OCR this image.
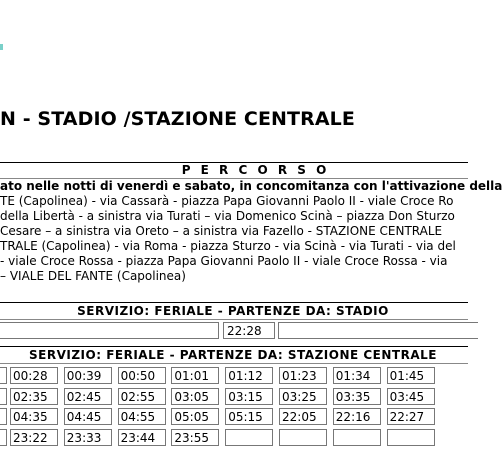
N - STADIO /STAZIONE CENTRALE
P E R C O R S O
ato nelle notti di venerdì e sabato, in concomitanza con l'attivazione della
TE (Capolinea) - via Cassarà - piazza Papa Giovanni Paolo II - viale Croce Ro
della Libertà - a sinistra via Turati – via Domenico Scinà – piazza Don Sturzo
Cesare – a sinistra via Oreto – a sinistra via Fazello - STAZIONE CENTRALE
TRALE (Capolinea) - via Roma - piazza Sturzo - via Scinà - via Turati - via del
- viale Croce Rossa - piazza Papa Giovanni Paolo II - viale Croce Rossa - via
– VIALE DEL FANTE (Capolinea)
SERVIZIO: FERIALE - PARTENZE DA: STADIO
22:28
SERVIZIO: FERIALE - PARTENZE DA: STAZIONE CENTRALE
00:28	00:39	00:50	01:01	01:12	01:23	01:34	01:45
02:35	02:45	02:55	03:05	03:15	03:25	03:35	03:45
04:35	04:45	04:55	05:05	05:15	22:05	22:16	22:27
23:22	23:33	23:44	23:55
